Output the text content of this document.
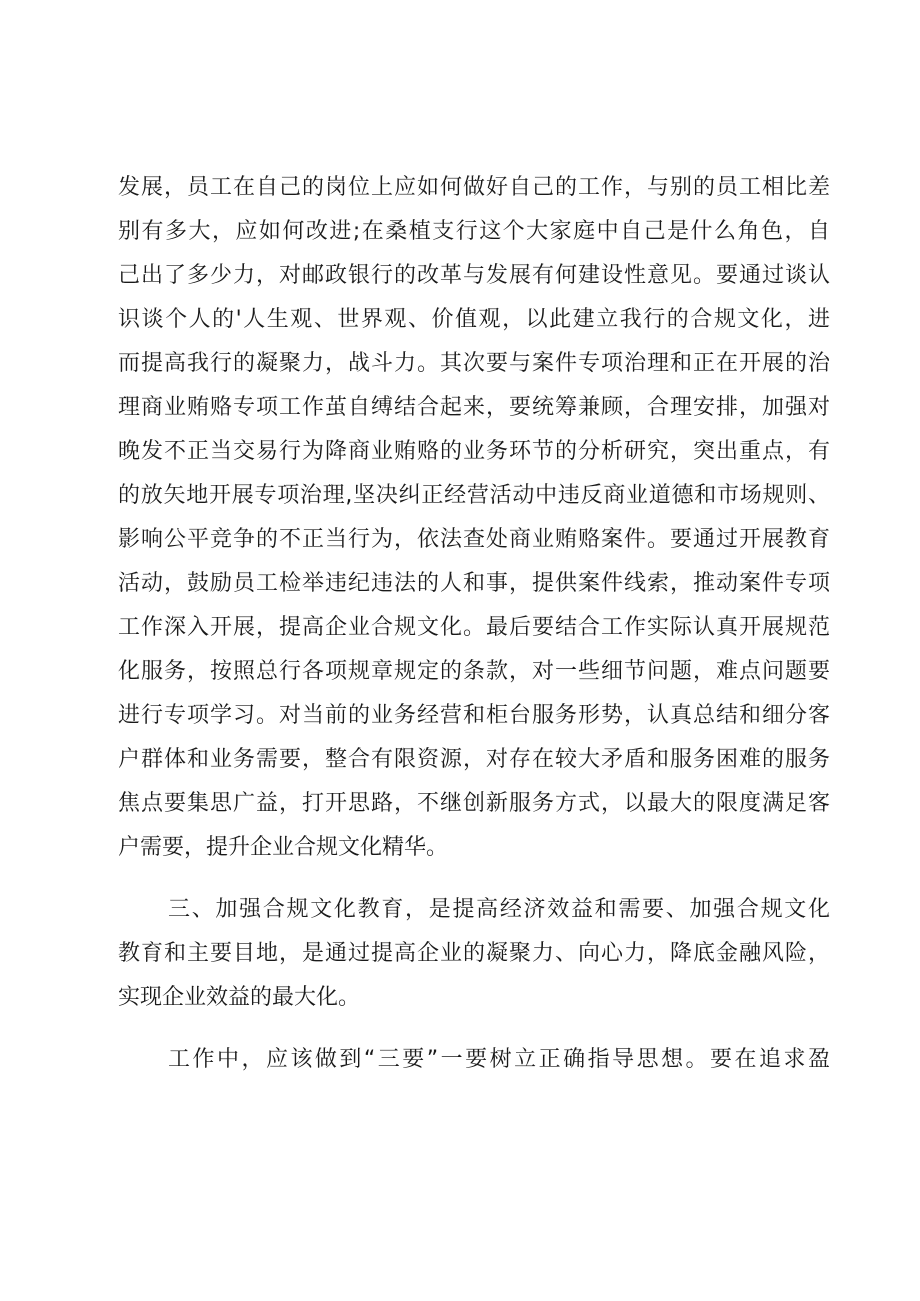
发展，员工在自己的岗位上应如何做好自己的工作，与别的员工相比差

别有多大，应如何改进;在桑植支行这个大家庭中自己是什么角色，自

己出了多少力，对邮政银行的改革与发展有何建设性意见。要通过谈认

识谈个人的'人生观、世界观、价值观，以此建立我行的合规文化，进

而提高我行的凝聚力，战斗力。其次要与案件专项治理和正在开展的治

理商业贿赂专项工作茧自缚结合起来，要统筹兼顾，合理安排，加强对

晚发不正当交易行为降商业贿赂的业务环节的分析研究，突出重点，有

的放矢地开展专项治理,坚决纠正经营活动中违反商业道德和市场规则、

影响公平竞争的不正当行为，依法查处商业贿赂案件。要通过开展教育

活动，鼓励员工检举违纪违法的人和事，提供案件线索，推动案件专项

工作深入开展，提高企业合规文化。最后要结合工作实际认真开展规范

化服务，按照总行各项规章规定的条款，对一些细节问题，难点问题要

进行专项学习。对当前的业务经营和柜台服务形势，认真总结和细分客

户群体和业务需要，整合有限资源，对存在较大矛盾和服务困难的服务

焦点要集思广益，打开思路，不继创新服务方式，以最大的限度满足客

户需要，提升企业合规文化精华。

三、加强合规文化教育，是提高经济效益和需要、加强合规文化

教育和主要目地，是通过提高企业的凝聚力、向心力，降底金融风险，

实现企业效益的最大化。

工作中，应该做到“三要”一要树立正确指导思想。要在追求盈
